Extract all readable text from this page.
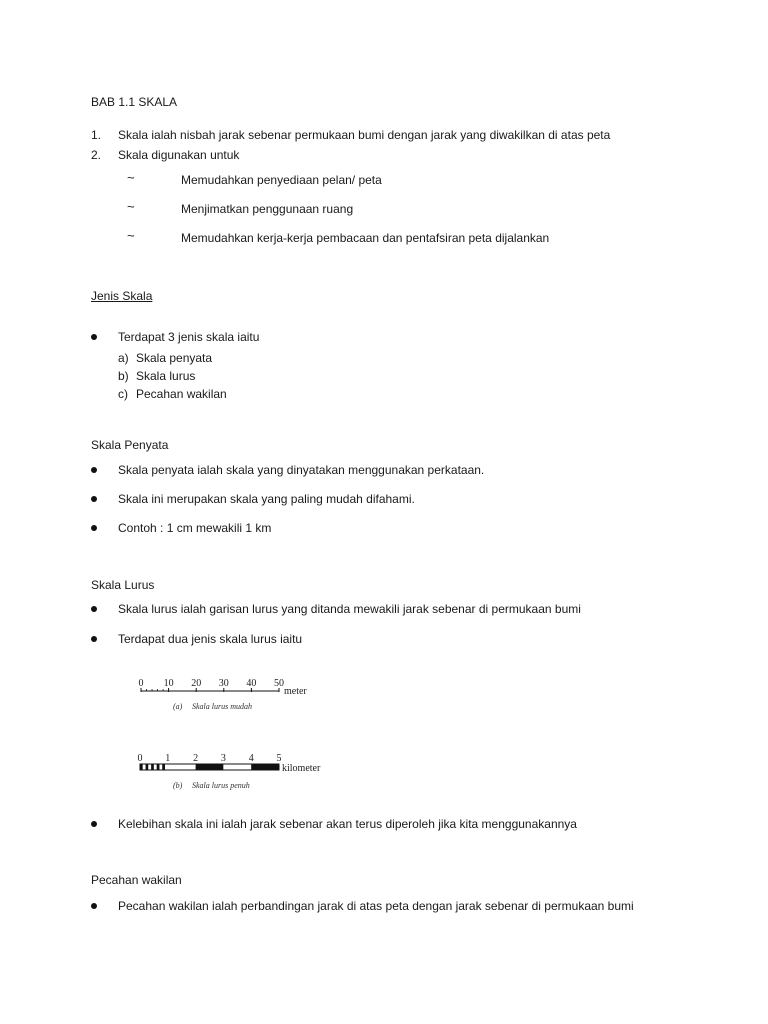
BAB 1.1 SKALA
1. Skala ialah nisbah jarak sebenar permukaan bumi dengan jarak yang diwakilkan di atas peta
2. Skala digunakan untuk
~	Memudahkan penyediaan pelan/ peta
~	Menjimatkan penggunaan ruang
~	Memudahkan kerja-kerja pembacaan dan pentafsiran peta dijalankan
Jenis Skala
Terdapat 3 jenis skala iaitu
a) Skala penyata
b) Skala lurus
c) Pecahan wakilan
Skala Penyata
Skala penyata ialah skala yang dinyatakan menggunakan perkataan.
Skala ini merupakan skala yang paling mudah difahami.
Contoh : 1 cm mewakili 1 km
Skala Lurus
Skala lurus ialah garisan lurus yang ditanda mewakili jarak sebenar di permukaan bumi
Terdapat dua jenis skala lurus iaitu
0 10 20 30 40 50
meter
(a) Skala lurus mudah
0 1 2 3 4 5
kilometer
(b) Skala lurus penuh
Kelebihan skala ini ialah jarak sebenar akan terus diperoleh jika kita menggunakannya
Pecahan wakilan
Pecahan wakilan ialah perbandingan jarak di atas peta dengan jarak sebenar di permukaan bumi
